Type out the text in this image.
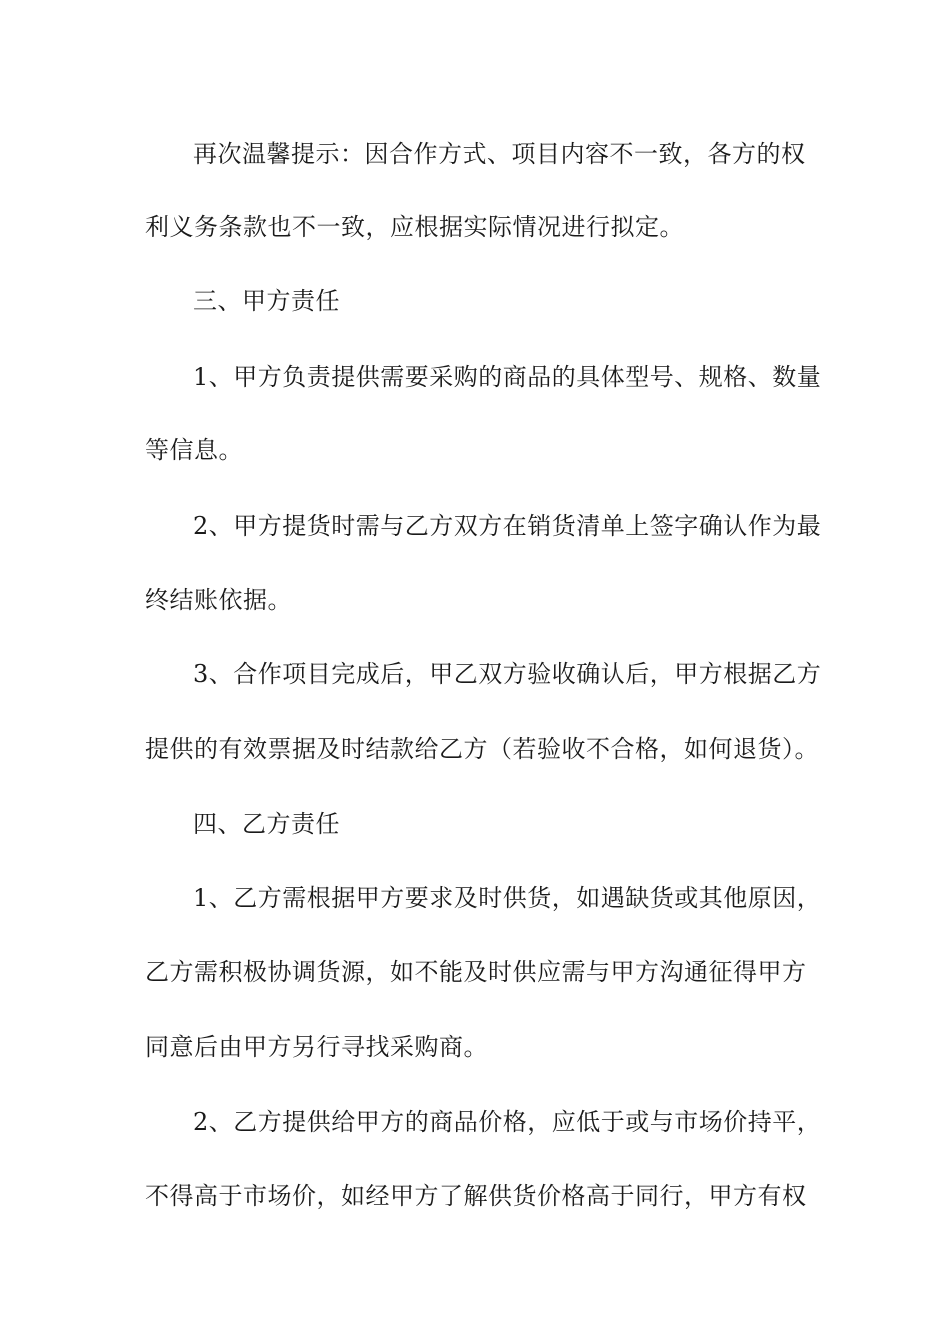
再次温馨提示：因合作方式、项目内容不一致，各方的权
利义务条款也不一致，应根据实际情况进行拟定。
三、甲方责任
1、甲方负责提供需要采购的商品的具体型号、规格、数量
等信息。
2、甲方提货时需与乙方双方在销货清单上签字确认作为最
终结账依据。
3、合作项目完成后，甲乙双方验收确认后，甲方根据乙方
提供的有效票据及时结款给乙方（若验收不合格，如何退货）。
四、乙方责任
1、乙方需根据甲方要求及时供货，如遇缺货或其他原因，
乙方需积极协调货源，如不能及时供应需与甲方沟通征得甲方
同意后由甲方另行寻找采购商。
2、乙方提供给甲方的商品价格，应低于或与市场价持平，
不得高于市场价，如经甲方了解供货价格高于同行，甲方有权
